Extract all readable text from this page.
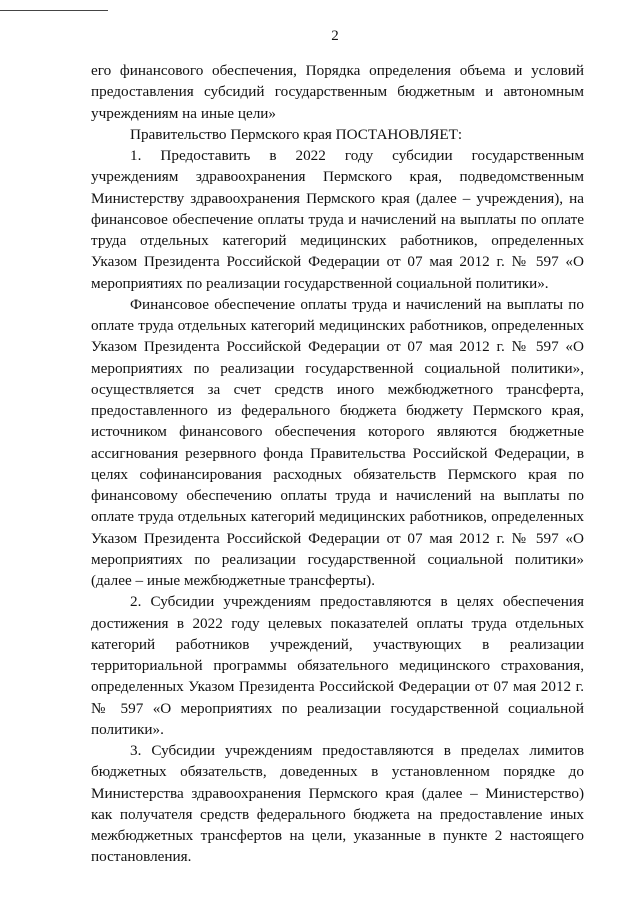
2

его финансового обеспечения, Порядка определения объема и условий предоставления субсидий государственным бюджетным и автономным учреждениям на иные цели»

Правительство Пермского края ПОСТАНОВЛЯЕТ:

1. Предоставить в 2022 году субсидии государственным учреждениям здравоохранения Пермского края, подведомственным Министерству здравоохранения Пермского края (далее – учреждения), на финансовое обеспечение оплаты труда и начислений на выплаты по оплате труда отдельных категорий медицинских работников, определенных Указом Президента Российской Федерации от 07 мая 2012 г. № 597 «О мероприятиях по реализации государственной социальной политики».

Финансовое обеспечение оплаты труда и начислений на выплаты по оплате труда отдельных категорий медицинских работников, определенных Указом Президента Российской Федерации от 07 мая 2012 г. № 597 «О мероприятиях по реализации государственной социальной политики», осуществляется за счет средств иного межбюджетного трансферта, предоставленного из федерального бюджета бюджету Пермского края, источником финансового обеспечения которого являются бюджетные ассигнования резервного фонда Правительства Российской Федерации, в целях софинансирования расходных обязательств Пермского края по финансовому обеспечению оплаты труда и начислений на выплаты по оплате труда отдельных категорий медицинских работников, определенных Указом Президента Российской Федерации от 07 мая 2012 г. № 597 «О мероприятиях по реализации государственной социальной политики» (далее – иные межбюджетные трансферты).

2. Субсидии учреждениям предоставляются в целях обеспечения достижения в 2022 году целевых показателей оплаты труда отдельных категорий работников учреждений, участвующих в реализации территориальной программы обязательного медицинского страхования, определенных Указом Президента Российской Федерации от 07 мая 2012 г. № 597 «О мероприятиях по реализации государственной социальной политики».

3. Субсидии учреждениям предоставляются в пределах лимитов бюджетных обязательств, доведенных в установленном порядке до Министерства здравоохранения Пермского края (далее – Министерство) как получателя средств федерального бюджета на предоставление иных межбюджетных трансфертов на цели, указанные в пункте 2 настоящего постановления.
